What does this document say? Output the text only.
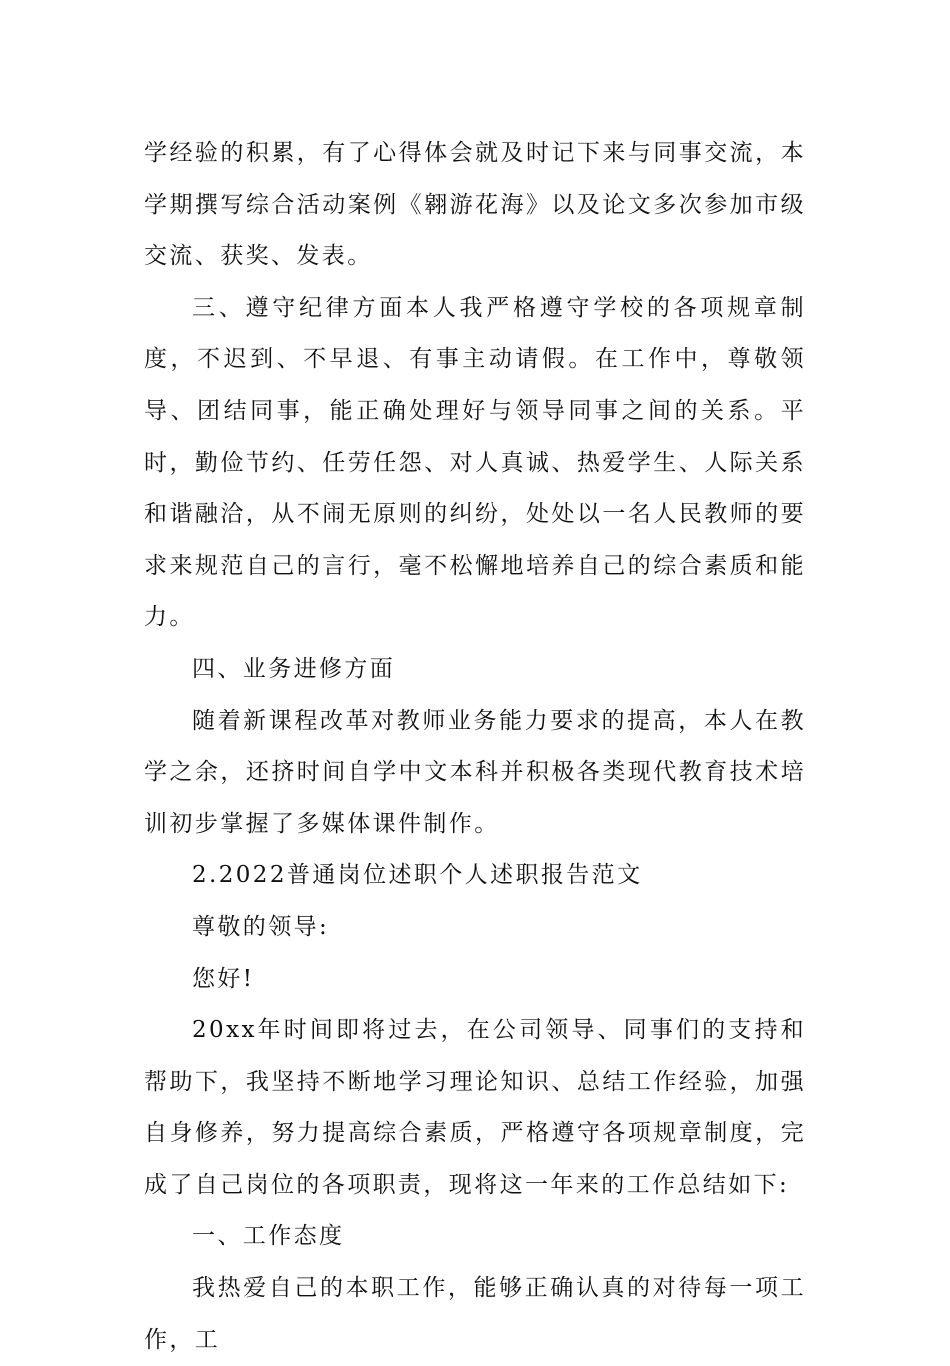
学经验的积累，有了心得体会就及时记下来与同事交流，本学期撰写综合活动案例《翱游花海》以及论文多次参加市级交流、获奖、发表。

三、遵守纪律方面本人我严格遵守学校的各项规章制度，不迟到、不早退、有事主动请假。在工作中，尊敬领导、团结同事，能正确处理好与领导同事之间的关系。平时，勤俭节约、任劳任怨、对人真诚、热爱学生、人际关系和谐融洽，从不闹无原则的纠纷，处处以一名人民教师的要求来规范自己的言行，毫不松懈地培养自己的综合素质和能力。

四、业务进修方面

随着新课程改革对教师业务能力要求的提高，本人在教学之余，还挤时间自学中文本科并积极各类现代教育技术培训初步掌握了多媒体课件制作。

2.2022普通岗位述职个人述职报告范文

尊敬的领导:

您好!

20xx年时间即将过去，在公司领导、同事们的支持和帮助下，我坚持不断地学习理论知识、总结工作经验，加强自身修养，努力提高综合素质，严格遵守各项规章制度，完成了自己岗位的各项职责，现将这一年来的工作总结如下:

一、工作态度

我热爱自己的本职工作，能够正确认真的对待每一项工作，工
